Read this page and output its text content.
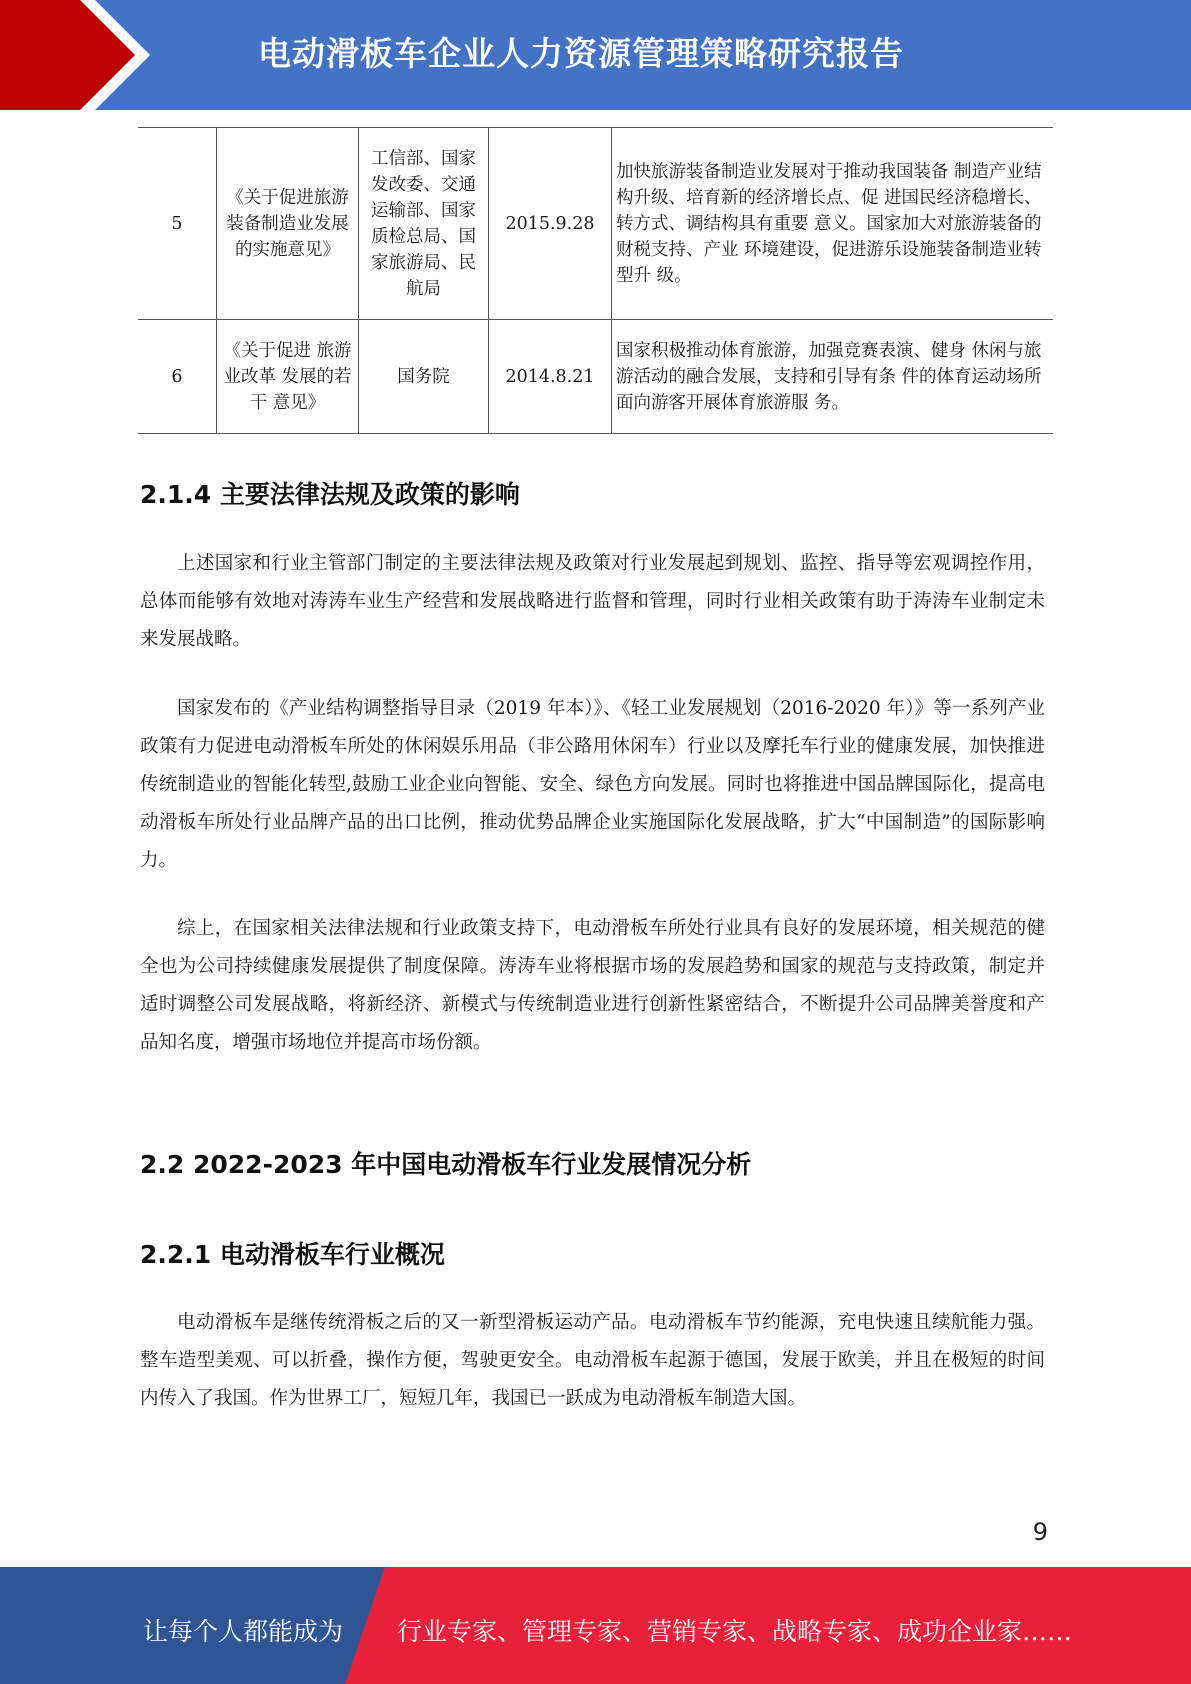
电动滑板车企业人力资源管理策略研究报告
5	《关于促进旅游装备制造业发展的实施意见》	工信部、国家发改委、交通运输部、国家质检总局、国家旅游局、民航局	2015.9.28	加快旅游装备制造业发展对于推动我国装备 制造产业结构升级、培育新的经济增长点、促 进国民经济稳增长、转方式、调结构具有重要 意义。国家加大对旅游装备的财税支持、产业 环境建设，促进游乐设施装备制造业转型升 级。
6	《关于促进 旅游业改革 发展的若干 意见》	国务院	2014.8.21	国家积极推动体育旅游，加强竞赛表演、健身 休闲与旅游活动的融合发展，支持和引导有条 件的体育运动场所面向游客开展体育旅游服 务。
2.1.4 主要法律法规及政策的影响

上述国家和行业主管部门制定的主要法律法规及政策对行业发展起到规划、监控、指导等宏观调控作用，总体而能够有效地对涛涛车业生产经营和发展战略进行监督和管理，同时行业相关政策有助于涛涛车业制定未来发展战略。

国家发布的《产业结构调整指导目录（2019 年本）》、《轻工业发展规划（2016-2020 年）》等一系列产业政策有力促进电动滑板车所处的休闲娱乐用品（非公路用休闲车）行业以及摩托车行业的健康发展，加快推进传统制造业的智能化转型,鼓励工业企业向智能、安全、绿色方向发展。同时也将推进中国品牌国际化，提高电动滑板车所处行业品牌产品的出口比例，推动优势品牌企业实施国际化发展战略，扩大“中国制造”的国际影响力。

综上，在国家相关法律法规和行业政策支持下，电动滑板车所处行业具有良好的发展环境，相关规范的健全也为公司持续健康发展提供了制度保障。涛涛车业将根据市场的发展趋势和国家的规范与支持政策，制定并适时调整公司发展战略，将新经济、新模式与传统制造业进行创新性紧密结合，不断提升公司品牌美誉度和产品知名度，增强市场地位并提高市场份额。

2.2 2022-2023 年中国电动滑板车行业发展情况分析
2.2.1 电动滑板车行业概况

电动滑板车是继传统滑板之后的又一新型滑板运动产品。电动滑板车节约能源，充电快速且续航能力强。整车造型美观、可以折叠，操作方便，驾驶更安全。电动滑板车起源于德国，发展于欧美，并且在极短的时间内传入了我国。作为世界工厂，短短几年，我国已一跃成为电动滑板车制造大国。

9
让每个人都能成为 行业专家、管理专家、营销专家、战略专家、成功企业家……
